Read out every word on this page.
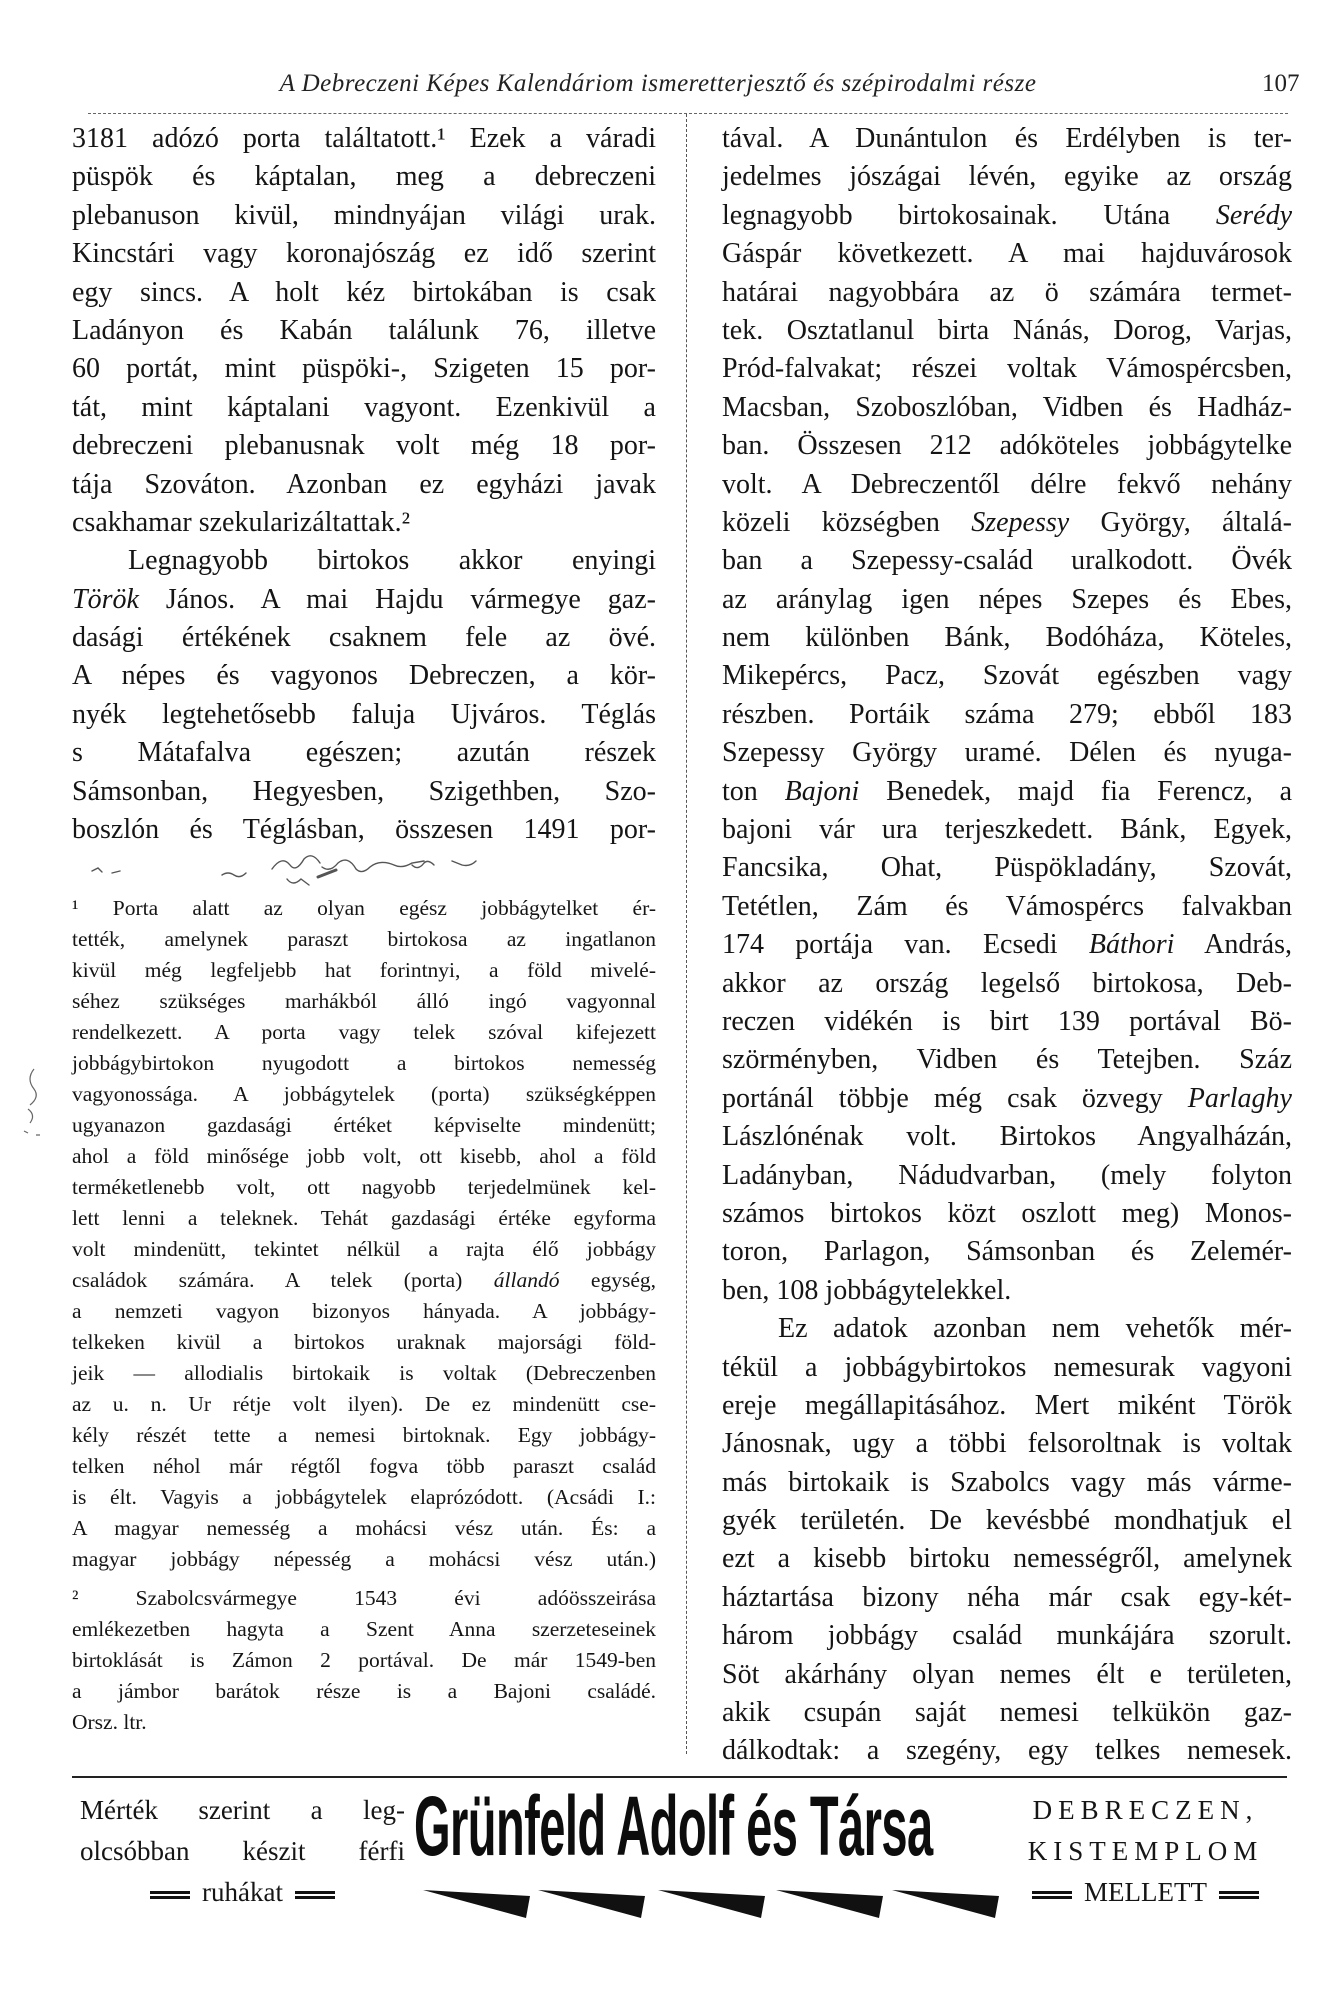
A Debreczeni Képes Kalendáriom ismeretterjesztő és szépirodalmi része	107
3181 adózó porta találtatott.¹ Ezek a váradi
püspök és káptalan, meg a debreczeni
plebanuson kivül, mindnyájan világi urak.
Kincstári vagy koronajószág ez idő szerint
egy sincs. A holt kéz birtokában is csak
Ladányon és Kabán találunk 76, illetve
60 portát, mint püspöki-, Szigeten 15 por-
tát, mint káptalani vagyont. Ezenkivül a
debreczeni plebanusnak volt még 18 por-
tája Szováton. Azonban ez egyházi javak
csakhamar szekularizáltattak.²
Legnagyobb birtokos akkor enyingi
Török János. A mai Hajdu vármegye gaz-
dasági értékének csaknem fele az övé.
A népes és vagyonos Debreczen, a kör-
nyék legtehetősebb faluja Ujváros. Téglás
s Mátafalva egészen; azután részek
Sámsonban, Hegyesben, Szigethben, Szo-
boszlón és Téglásban, összesen 1491 por-
¹ Porta alatt az olyan egész jobbágytelket ér-
tették, amelynek paraszt birtokosa az ingatlanon
kivül még legfeljebb hat forintnyi, a föld mivelé-
séhez szükséges marhákból álló ingó vagyonnal
rendelkezett. A porta vagy telek szóval kifejezett
jobbágybirtokon nyugodott a birtokos nemesség
vagyonossága. A jobbágytelek (porta) szükségképpen
ugyanazon gazdasági értéket képviselte mindenütt;
ahol a föld minősége jobb volt, ott kisebb, ahol a föld
terméketlenebb volt, ott nagyobb terjedelmünek kel-
lett lenni a teleknek. Tehát gazdasági értéke egyforma
volt mindenütt, tekintet nélkül a rajta élő jobbágy
családok számára. A telek (porta) állandó egység,
a nemzeti vagyon bizonyos hányada. A jobbágy-
telkeken kivül a birtokos uraknak majorsági föld-
jeik — allodialis birtokaik is voltak (Debreczenben
az u. n. Ur rétje volt ilyen). De ez mindenütt cse-
kély részét tette a nemesi birtoknak. Egy jobbágy-
telken néhol már régtől fogva több paraszt család
is élt. Vagyis a jobbágytelek elaprózódott. (Acsádi I.:
A magyar nemesség a mohácsi vész után. És: a
magyar jobbágy népesség a mohácsi vész után.)
² Szabolcsvármegye 1543 évi adóösszeirása
emlékezetben hagyta a Szent Anna szerzeteseinek
birtoklását is Zámon 2 portával. De már 1549-ben
a jámbor barátok része is a Bajoni családé.
Orsz. ltr.
tával. A Dunántulon és Erdélyben is ter-
jedelmes jószágai lévén, egyike az ország
legnagyobb birtokosainak. Utána Serédy
Gáspár következett. A mai hajduvárosok
határai nagyobbára az ö számára termet-
tek. Osztatlanul birta Nánás, Dorog, Varjas,
Pród-falvakat; részei voltak Vámospércsben,
Macsban, Szoboszlóban, Vidben és Hadház-
ban. Összesen 212 adóköteles jobbágytelke
volt. A Debreczentől délre fekvő nehány
közeli községben Szepessy György, általá-
ban a Szepessy-család uralkodott. Övék
az aránylag igen népes Szepes és Ebes,
nem különben Bánk, Bodóháza, Köteles,
Mikepércs, Pacz, Szovát egészben vagy
részben. Portáik száma 279; ebből 183
Szepessy György uramé. Délen és nyuga-
ton Bajoni Benedek, majd fia Ferencz, a
bajoni vár ura terjeszkedett. Bánk, Egyek,
Fancsika, Ohat, Püspökladány, Szovát,
Tetétlen, Zám és Vámospércs falvakban
174 portája van. Ecsedi Báthori András,
akkor az ország legelső birtokosa, Deb-
reczen vidékén is birt 139 portával Bö-
szörményben, Vidben és Tetejben. Száz
portánál többje még csak özvegy Parlaghy
Lászlónénak volt. Birtokos Angyalházán,
Ladányban, Nádudvarban, (mely folyton
számos birtokos közt oszlott meg) Monos-
toron, Parlagon, Sámsonban és Zelemér-
ben, 108 jobbágytelekkel.
Ez adatok azonban nem vehetők mér-
tékül a jobbágybirtokos nemesurak vagyoni
ereje megállapitásához. Mert miként Török
Jánosnak, ugy a többi felsoroltnak is voltak
más birtokaik is Szabolcs vagy más várme-
gyék területén. De kevésbbé mondhatjuk el
ezt a kisebb birtoku nemességről, amelynek
háztartása bizony néha már csak egy-két-
három jobbágy család munkájára szorult.
Söt akárhány olyan nemes élt e területen,
akik csupán saját nemesi telkükön gaz-
dálkodtak: a szegény, egy telkes nemesek.
Mérték szerint a leg-
olcsóbban készit férfi
ruhákat
Grünfeld Adolf és Társa	DEBRECZEN,
KISTEMPLOM
MELLETT
